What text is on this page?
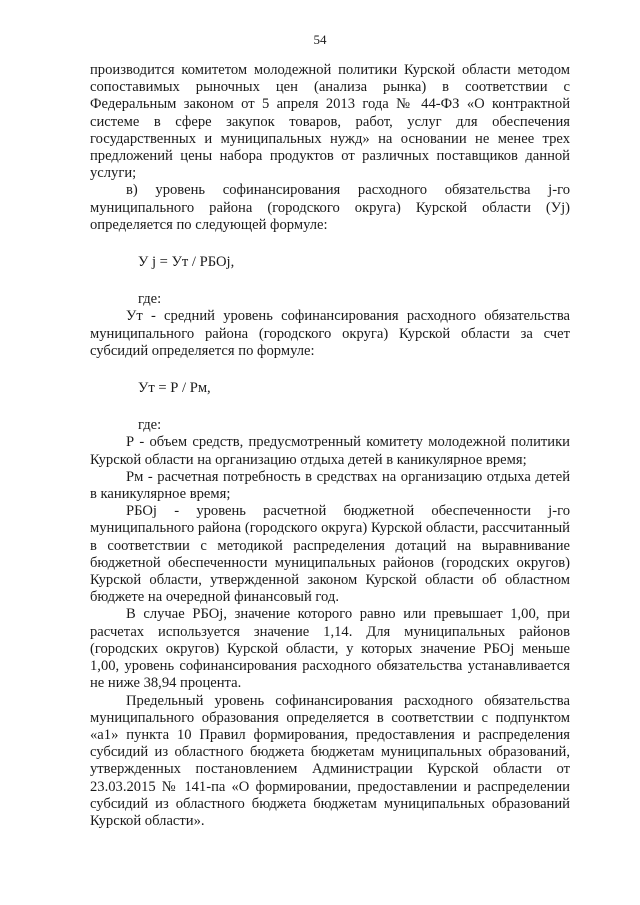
54

производится комитетом молодежной политики Курской области методом сопоставимых рыночных цен (анализа рынка) в соответствии с Федеральным законом от 5 апреля 2013 года № 44-ФЗ «О контрактной системе в сфере закупок товаров, работ, услуг для обеспечения государственных и муниципальных нужд» на основании не менее трех предложений цены набора продуктов от различных поставщиков данной услуги;

в) уровень софинансирования расходного обязательства j-го муниципального района (городского округа) Курской области (Уj) определяется по следующей формуле:

У j = Ут / РБОj,

где:

Ут - средний уровень софинансирования расходного обязательства муниципального района (городского округа) Курской области за счет субсидий определяется по формуле:

Ут = Р / Рм,

где:

Р - объем средств, предусмотренный комитету молодежной политики Курской области на организацию отдыха детей в каникулярное время;

Рм - расчетная потребность в средствах на организацию отдыха детей в каникулярное время;

РБОj - уровень расчетной бюджетной обеспеченности j-го муниципального района (городского округа) Курской области, рассчитанный в соответствии с методикой распределения дотаций на выравнивание бюджетной обеспеченности муниципальных районов (городских округов) Курской области, утвержденной законом Курской области об областном бюджете на очередной финансовый год.

В случае РБОj, значение которого равно или превышает 1,00, при расчетах используется значение 1,14. Для муниципальных районов (городских округов) Курской области, у которых значение РБОj меньше 1,00, уровень софинансирования расходного обязательства устанавливается не ниже 38,94 процента.

Предельный уровень софинансирования расходного обязательства муниципального образования определяется в соответствии с подпунктом «а1» пункта 10 Правил формирования, предоставления и распределения субсидий из областного бюджета бюджетам муниципальных образований, утвержденных постановлением Администрации Курской области от 23.03.2015 № 141-па «О формировании, предоставлении и распределении субсидий из областного бюджета бюджетам муниципальных образований Курской области».
